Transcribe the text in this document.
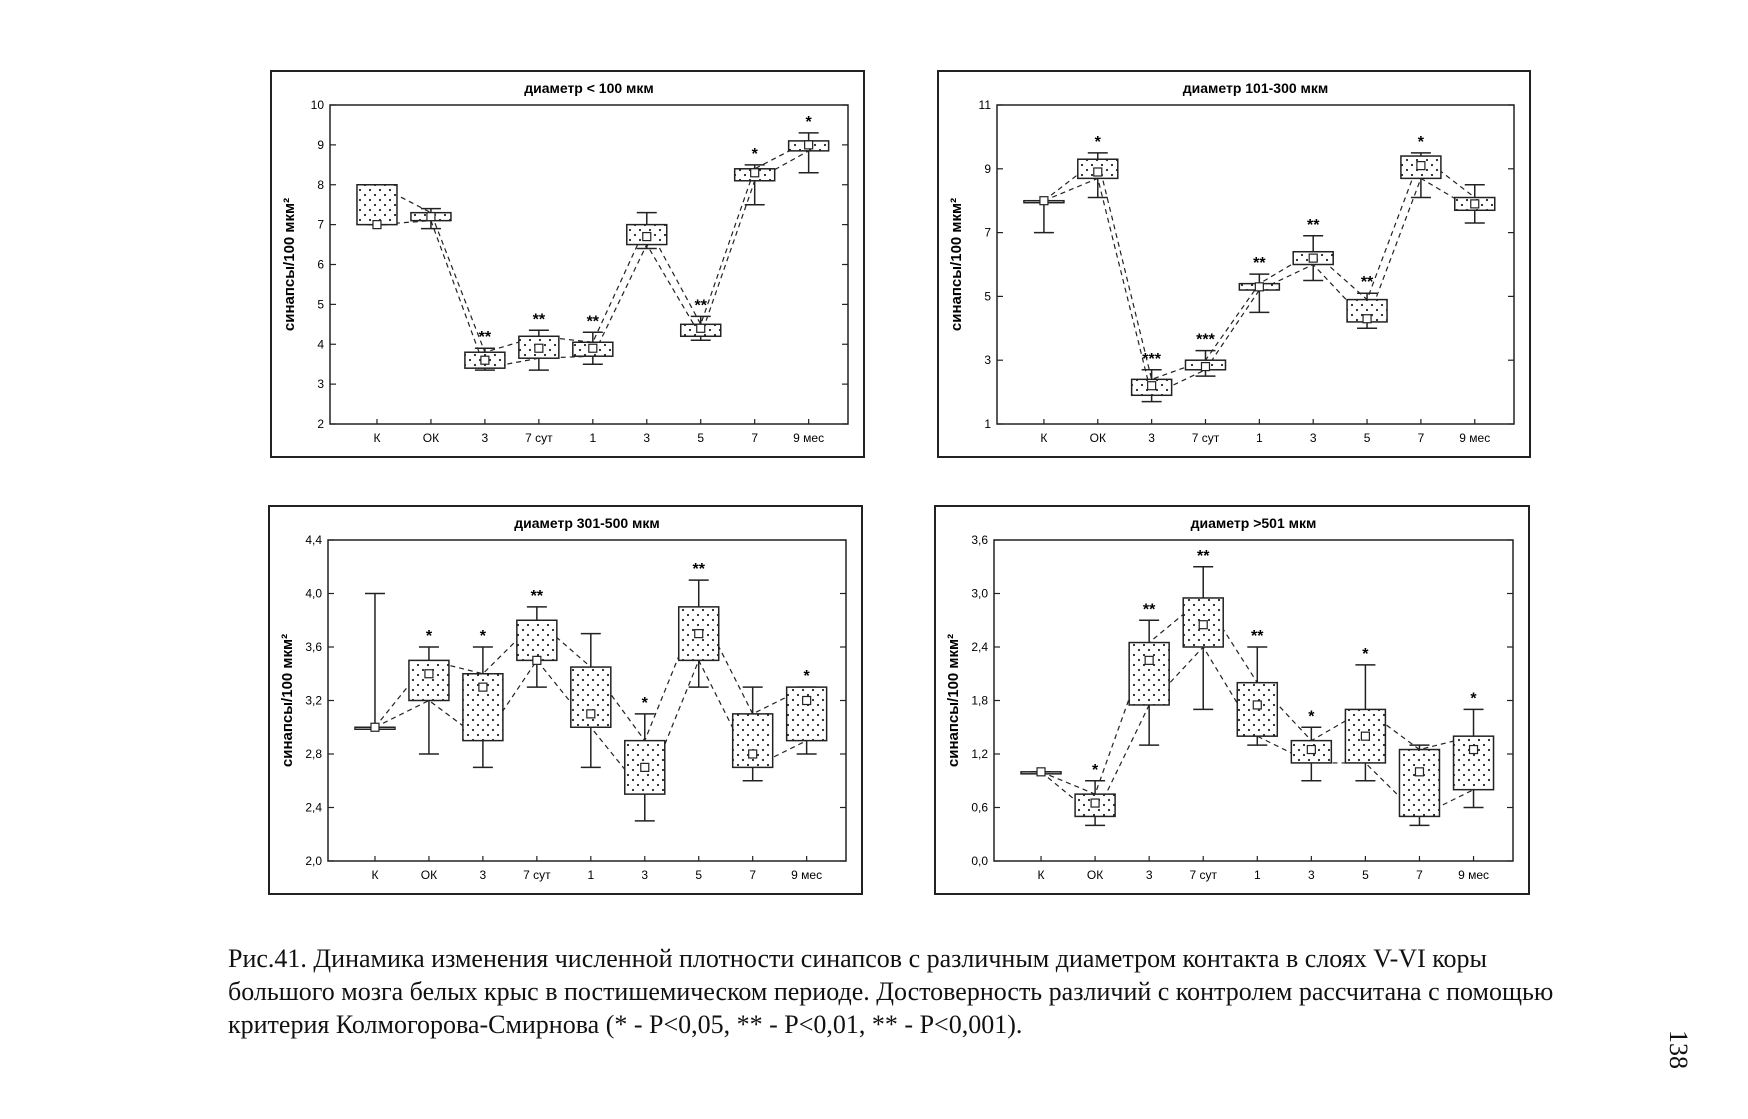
диаметр < 100 мкм
синапсы/100 мкм²
2
3
4
5
6
7
8
9
10
К	ОК	3	7 сут	1	3	5	7	9 мес
**
**	**
**
*
*
диаметр 101-300 мкм
синапсы/100 мкм²
1
3
5
7
9
11
К	ОК	3	7 сут	1	3	5	7	9 мес
*
***
***
**
**
**
*
диаметр 301-500 мкм
синапсы/100 мкм²
2,0
2,4
2,8
3,2
3,6
4,0
4,4
К	ОК	3	7 сут	1	3	5	7	9 мес
*	*
**
*
**
*
диаметр >501 мкм
синапсы/100 мкм²
0,0
0,6
1,2
1,8
2,4
3,0
3,6
К	ОК	3	7 сут	1	3	5	7	9 мес
*
**
**
**
*
*
*

Рис.41. Динамика изменения численной плотности синапсов с различным диаметром контакта в слоях V-VI коры большого мозга белых крыс в постишемическом периоде. Достоверность различий с контролем рассчитана с помощью критерия Колмогорова-Смирнова (* - P<0,05, ** - P<0,01, ** - P<0,001).

138
